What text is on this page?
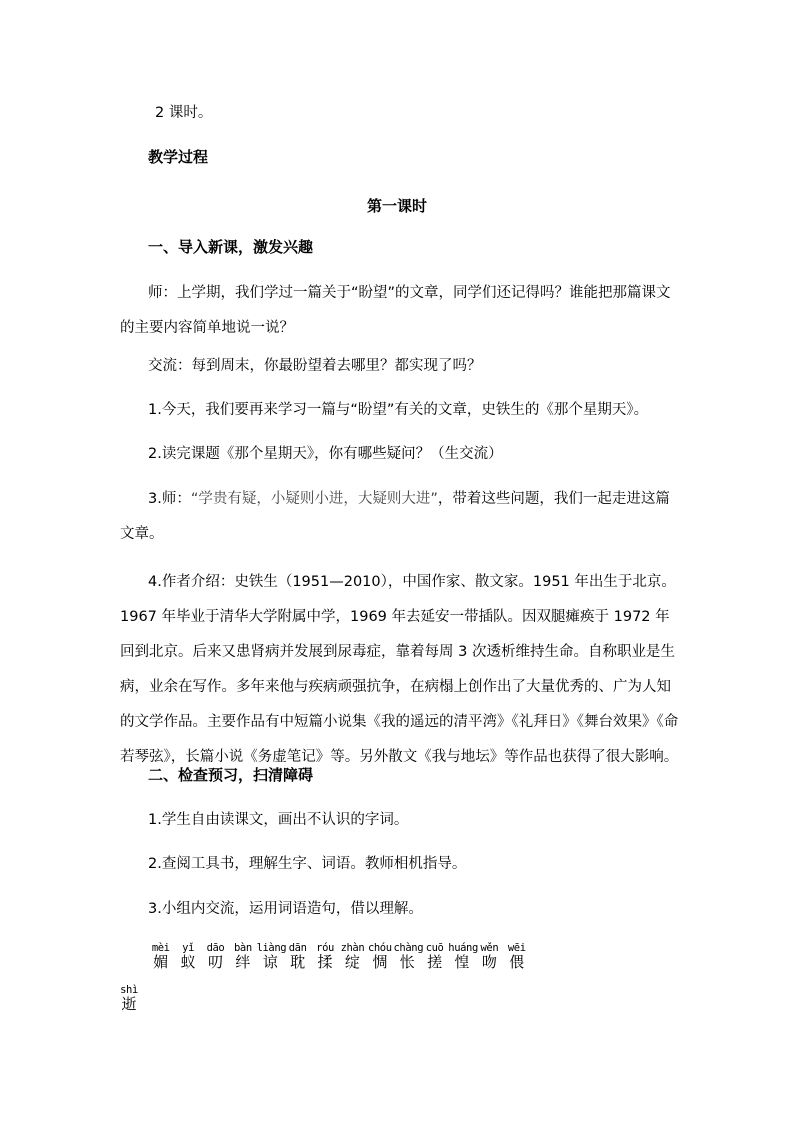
2 课时。
教学过程
第一课时
一、导入新课，激发兴趣
师：上学期，我们学过一篇关于“盼望”的文章，同学们还记得吗？谁能把那篇课文的主要内容简单地说一说？
交流：每到周末，你最盼望着去哪里？都实现了吗？
1.今天，我们要再来学习一篇与“盼望”有关的文章，史铁生的《那个星期天》。
2.读完课题《那个星期天》，你有哪些疑问？（生交流）
3.师：“学贵有疑，小疑则小进，大疑则大进”，带着这些问题，我们一起走进这篇文章。
4.作者介绍：史铁生（1951—2010），中国作家、散文家。1951 年出生于北京。1967 年毕业于清华大学附属中学，1969 年去延安一带插队。因双腿瘫痪于 1972 年回到北京。后来又患肾病并发展到尿毒症，靠着每周 3 次透析维持生命。自称职业是生病，业余在写作。多年来他与疾病顽强抗争，在病榻上创作出了大量优秀的、广为人知的文学作品。主要作品有中短篇小说集《我的遥远的清平湾》《礼拜日》《舞台效果》《命若琴弦》，长篇小说《务虚笔记》等。另外散文《我与地坛》等作品也获得了很大影响。
二、检查预习，扫清障碍
1.学生自由读课文，画出不认识的字词。
2.查阅工具书，理解生字、词语。教师相机指导。
3.小组内交流，运用词语造句，借以理解。
mèi
媚
yǐ
蚁
dāo
叨
bàn
绊
liàng
谅
dān
耽
róu
揉
zhàn
绽
chóu
惆
chàng
怅
cuō
搓
huáng
惶
wěn
吻
wēi
偎
shì
逝
